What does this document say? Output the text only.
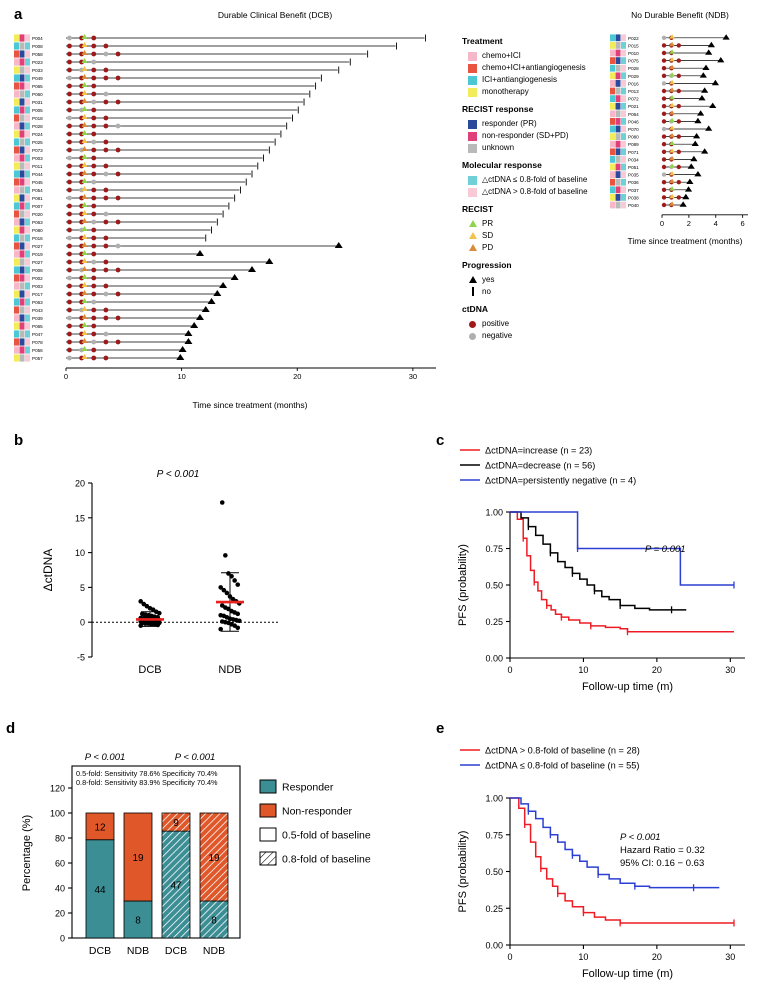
a	Durable Clinical Benefit (DCB)	No Durable Benefit (NDB)
P004
P008
P058
P023
P033
P049
P065
P060
P031
P005
P018
P028
P024
P025
P073
P003
P011
P044
P045
P054
P081
P007
P020
P063
P080
P016
P027
P019
P027
P006
P002
P003
P017
P063
P043
P039
P065
P047
P078
P056
P057
0	10	20	30
Time since treatment (months)
P022
P015
P010
P075
P028
P029
P016
P013
P072
P021
P064
P046
P070
P080
P089
P071
P034
P051
P035
P036
P037
P038
P040
0	2	4	6
Time since treatment (months)
Treatment
chemo+ICI
chemo+ICI+antiangiogenesis
ICI+antiangiogenesis
monotherapy
RECIST response
responder (PR)
non-responder (SD+PD)
unknown
Molecular response
△ctDNA ≤ 0.8-fold of baseline
△ctDNA > 0.8-fold of baseline
RECIST
PR
SD
PD
Progression
yes
no
ctDNA
positive
negative
b
20
15
10
5
0
-5
DCB	NDB
P < 0.001
ΔctDNA
c
ΔctDNA=increase (n = 23)
ΔctDNA=decrease (n = 56)
ΔctDNA=persistently negative (n = 4)
1.00
0.75
0.50
0.25
0.00
0	10	20	30
P = 0.001
Follow-up time (m)
PFS (probability)
d
120
100
80
60
40
20
0
44
12
DCB
8
19
NDB
47
9
DCB
8
19
NDB
0.5-fold: Sensitivity 78.6% Specificity 70.4%
0.8-fold: Sensitivity 83.9% Specificity 70.4%
P < 0.001	P < 0.001
Percentage (%)
Responder
Non-responder
0.5-fold of baseline
0.8-fold of baseline
e
ΔctDNA > 0.8-fold of baseline (n = 28)
ΔctDNA ≤ 0.8-fold of baseline (n = 55)
1.00
0.75
0.50
0.25
0.00
0	10	20	30
P < 0.001
Hazard Ratio = 0.32
95% CI: 0.16 − 0.63
Follow-up time (m)
PFS (probability)
